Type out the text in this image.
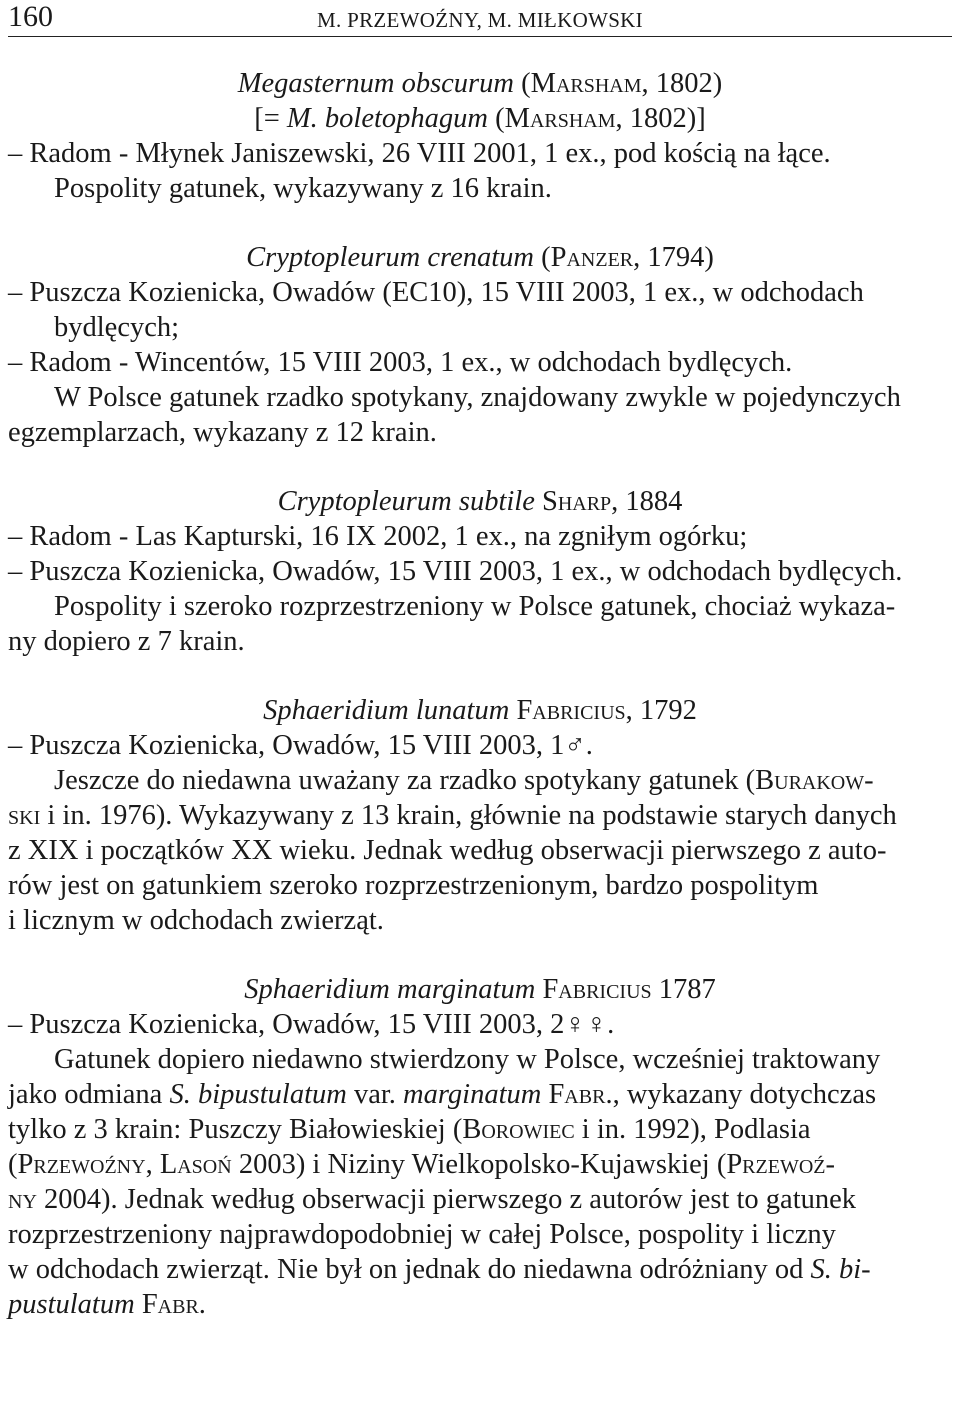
160	M. PRZEWOŹNY, M. MIŁKOWSKI
Megasternum obscurum (Marsham, 1802)
[= M. boletophagum (Marsham, 1802)]
– Radom - Młynek Janiszewski, 26 VIII 2001, 1 ex., pod kością na łące.
Pospolity gatunek, wykazywany z 16 krain.
Cryptopleurum crenatum (Panzer, 1794)
– Puszcza Kozienicka, Owadów (EC10), 15 VIII 2003, 1 ex., w odchodach
bydlęcych;
– Radom - Wincentów, 15 VIII 2003, 1 ex., w odchodach bydlęcych.
W Polsce gatunek rzadko spotykany, znajdowany zwykle w pojedynczych
egzemplarzach, wykazany z 12 krain.
Cryptopleurum subtile Sharp, 1884
– Radom - Las Kapturski, 16 IX 2002, 1 ex., na zgniłym ogórku;
– Puszcza Kozienicka, Owadów, 15 VIII 2003, 1 ex., w odchodach bydlęcych.
Pospolity i szeroko rozprzestrzeniony w Polsce gatunek, chociaż wykaza-
ny dopiero z 7 krain.
Sphaeridium lunatum Fabricius, 1792
– Puszcza Kozienicka, Owadów, 15 VIII 2003, 1♂.
Jeszcze do niedawna uważany za rzadko spotykany gatunek (Burakow-
ski i in. 1976). Wykazywany z 13 krain, głównie na podstawie starych danych
z XIX i początków XX wieku. Jednak według obserwacji pierwszego z auto-
rów jest on gatunkiem szeroko rozprzestrzenionym, bardzo pospolitym
i licznym w odchodach zwierząt.
Sphaeridium marginatum Fabricius 1787
– Puszcza Kozienicka, Owadów, 15 VIII 2003, 2♀♀.
Gatunek dopiero niedawno stwierdzony w Polsce, wcześniej traktowany
jako odmiana S. bipustulatum var. marginatum Fabr., wykazany dotychczas
tylko z 3 krain: Puszczy Białowieskiej (Borowiec i in. 1992), Podlasia
(Przewoźny, Lasoń 2003) i Niziny Wielkopolsko-Kujawskiej (Przewoź-
ny 2004). Jednak według obserwacji pierwszego z autorów jest to gatunek
rozprzestrzeniony najprawdopodobniej w całej Polsce, pospolity i liczny
w odchodach zwierząt. Nie był on jednak do niedawna odróżniany od S. bi-
pustulatum Fabr.
